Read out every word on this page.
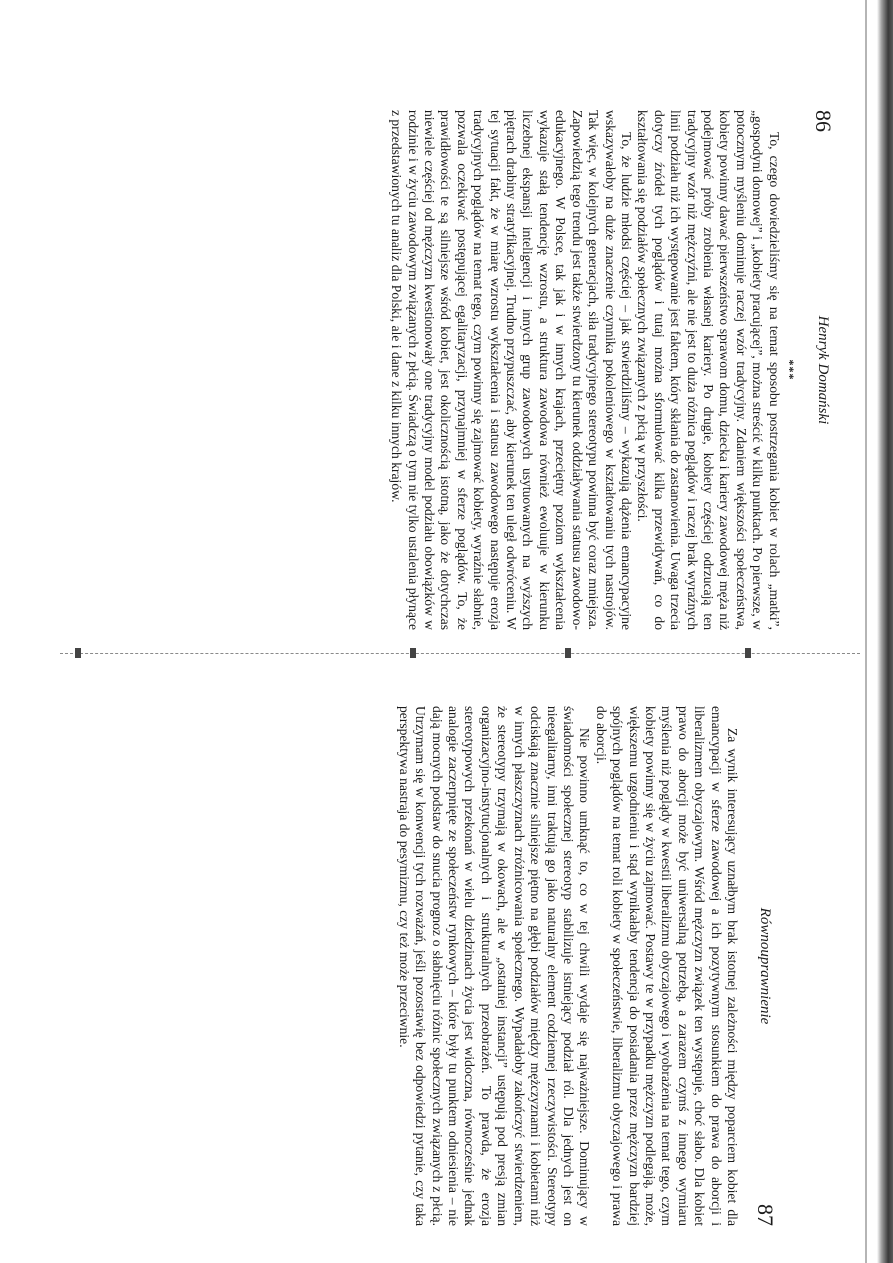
86
Henryk Domański

***

To, czego dowiedzieliśmy się na temat sposobu postrzegania kobiet w rolach „matki”, „gospodyni domowej” i „kobiety pracującej”, można streścić w kilku punktach. Po pierwsze, w potocznym myśleniu dominuje raczej wzór tradycyjny. Zdaniem większości społeczeństwa, kobiety powinny dawać pierwszeństwo sprawom domu, dziecka i kariery zawodowej męża niż podejmować próby zrobienia własnej kariery. Po drugie, kobiety częściej odrzucają ten tradycyjny wzór niż mężczyźni, ale nie jest to duża różnica poglądów i raczej brak wyraźnych linii podziału niż ich występowanie jest faktem, który skłania do zastanowienia. Uwaga trzecia dotyczy źródeł tych poglądów i tutaj można sformułować kilka przewidywań, co do kształtowania się podziałów społecznych związanych z płcią w przyszłości.

To, że ludzie młodsi częściej – jak stwierdziliśmy – wykazują dążenia emancypacyjne wskazywałoby na duże znaczenie czynnika pokoleniowego w kształtowaniu tych nastrojów. Tak więc, w kolejnych generacjach, siła tradycyjnego stereotypu powinna być coraz mniejsza. Zapowiedzią tego trendu jest także stwierdzony tu kierunek oddziaływania statusu zawodowo-edukacyjnego. W Polsce, tak jak i w innych krajach, przeciętny poziom wykształcenia wykazuje stałą tendencję wzrostu, a struktura zawodowa również ewoluuje w kierunku liczebnej ekspansji inteligencji i innych grup zawodowych usytuowanych na wyższych piętrach drabiny stratyfikacyjnej. Trudno przypuszczać, aby kierunek ten uległ odwróceniu. W tej sytuacji fakt, że w miarę wzrostu wykształcenia i statusu zawodowego następuje erozja tradycyjnych poglądów na temat tego, czym powinny się zajmować kobiety, wyraźnie słabnie, pozwala oczekiwać postępującej egalitaryzacji, przynajmniej w sferze poglądów. To, że prawidłowości te są silniejsze wśród kobiet, jest okolicznością istotną, jako że dotychczas niewiele częściej od mężczyzn kwestionowały one tradycyjny model podziału obowiązków w rodzinie i w życiu zawodowym związanych z płcią. Świadczą o tym nie tylko ustalenia płynące z przedstawionych tu analiz dla Polski, ale i dane z kilku innych krajów.

Równouprawnienie
87

Za wynik interesujący uznałbym brak istotnej zależności między poparciem kobiet dla emancypacji w sferze zawodowej a ich pozytywnym stosunkiem do prawa do aborcji i liberalizmem obyczajowym. Wśród mężczyzn związek ten występuje, choć słabo. Dla kobiet prawo do aborcji może być uniwersalną potrzebą, a zarazem czymś z innego wymiaru myślenia niż poglądy w kwestii liberalizmu obyczajowego i wyobrażenia na temat tego, czym kobiety powinny się w życiu zajmować. Postawy te w przypadku mężczyzn podlegają, może, większemu uzgodnieniu i stąd wynikałaby tendencja do posiadania przez mężczyzn bardziej spójnych poglądów na temat roli kobiety w społeczeństwie, liberalizmu obyczajowego i prawa do aborcji.

Nie powinno umknąć to, co w tej chwili wydaje się najważniejsze. Dominujący w świadomości społecznej stereotyp stabilizuje istniejący podział ról. Dla jednych jest on nieegalitarny, inni traktują go jako naturalny element codziennej rzeczywistości. Stereotypy odciskają znacznie silniejsze piętno na głębi podziałów między mężczyznami i kobietami niż w innych płaszczyznach zróżnicowania społecznego. Wypadałoby zakończyć stwierdzeniem, że stereotypy trzymają w okowach, ale w „ostatniej instancji” ustępują pod presją zmian organizacyjno-instytucjonalnych i strukturalnych przeobrażeń. To prawda, że erozja stereotypowych przekonań w wielu dziedzinach życia jest widoczna, równocześnie jednak analogie zaczerpnięte ze społeczeństw rynkowych – które były tu punktem odniesienia – nie dają mocnych podstaw do snucia prognoz o słabnięciu różnic społecznych związanych z płcią. Utrzymam się w konwencji tych rozważań, jeśli pozostawię bez odpowiedzi pytanie, czy taka perspektywa nastraja do pesymizmu, czy też może przeciwnie.
